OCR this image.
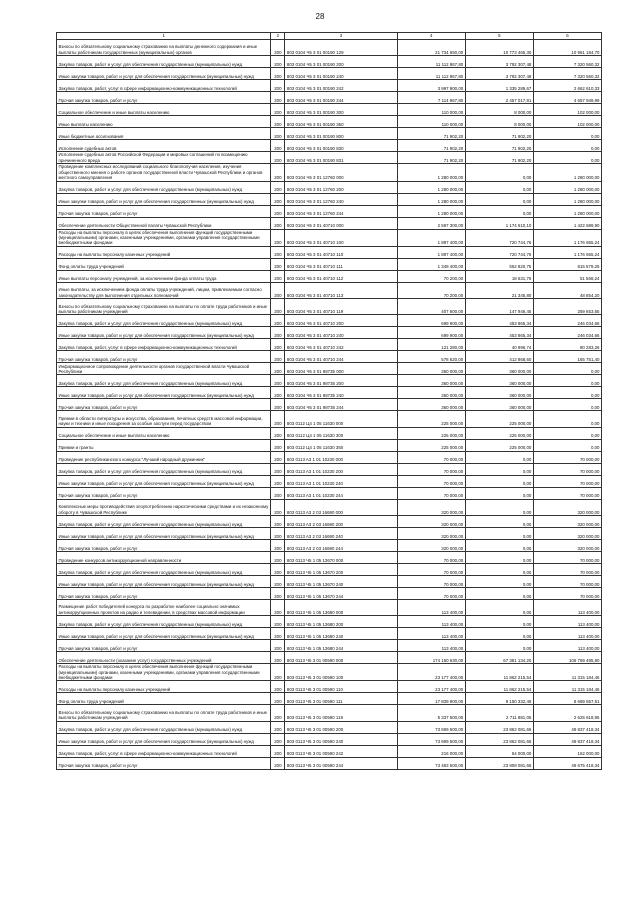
28
1	2	3	4	5	6
Взносы по обязательному социальному страхованию на выплаты денежного содержания и иные выплаты работникам государственных (муниципальных) органов	200	803 0104 Ч5 3 01 00190 129	21 734 650,00	10 773 465,30	10 961 184,70
Закупка товаров, работ и услуг для обеспечения государственных (муниципальных) нужд	200	803 0104 Ч5 3 01 00190 200	11 112 867,80	3 792 307,48	7 320 560,32
Иные закупки товаров, работ и услуг для обеспечения государственных (муниципальных) нужд	200	803 0104 Ч5 3 01 00190 240	11 112 867,80	3 792 307,48	7 320 560,32
Закупка товаров, работ, услуг в сфере информационно-коммуникационных технологий	200	803 0104 Ч5 3 01 00190 242	3 997 900,00	1 335 289,67	2 662 610,33
Прочая закупка товаров, работ и услуг	200	803 0104 Ч5 3 01 00190 244	7 114 967,80	2 457 017,81	4 657 949,99
Социальное обеспечение и иные выплаты населению	200	803 0104 Ч5 3 01 00190 300	110 000,00	8 000,00	102 000,00
Иные выплаты населению	200	803 0104 Ч5 3 01 00190 360	110 000,00	8 000,00	102 000,00
Иные бюджетные ассигнования	200	803 0104 Ч5 3 01 00190 800	71 902,20	71 902,20	0,00
Исполнение судебных актов	200	803 0104 Ч5 3 01 00190 830	71 902,20	71 902,20	0,00
Исполнение судебных актов Российской Федерации и мировых соглашений по возмещению причиненного вреда	200	803 0104 Ч5 3 01 00190 831	71 902,20	71 902,20	0,00
Проведение комплексных исследований социального благополучия населения, изучения общественного мнения о работе органов государственной власти Чувашской Республики и органов местного самоуправления	200	803 0104 Ч5 3 01 12760 000	1 280 000,00	0,00	1 280 000,00
Закупка товаров, работ и услуг для обеспечения государственных (муниципальных) нужд	200	803 0104 Ч5 3 01 12760 200	1 280 000,00	0,00	1 280 000,00
Иные закупки товаров, работ и услуг для обеспечения государственных (муниципальных) нужд	200	803 0104 Ч5 3 01 12760 240	1 280 000,00	0,00	1 280 000,00
Прочая закупка товаров, работ и услуг	200	803 0104 Ч5 3 01 12760 244	1 280 000,00	0,00	1 280 000,00
Обеспечение деятельности Общественной палаты Чувашской Республики	200	803 0104 Ч5 3 01 40710 000	2 597 300,00	1 174 610,10	1 422 689,90
Расходы на выплаты персоналу в целях обеспечения выполнения функций государственными (муниципальными) органами, казенными учреждениями, органами управления государственными внебюджетными фондами	200	803 0104 Ч5 3 01 40710 100	1 897 400,00	720 744,76	1 176 655,24
Расходы на выплаты персоналу казенных учреждений	200	803 0104 Ч5 3 01 40710 110	1 897 400,00	720 744,76	1 176 655,24
Фонд оплаты труда учреждений	200	803 0104 Ч5 3 01 40710 111	1 349 400,00	552 820,75	816 579,25
Иные выплаты персоналу учреждений, за исключением фонда оплаты труда	200	803 0104 Ч5 3 01 40710 112	70 200,00	18 631,76	51 568,24
Иные выплаты, за исключением фонда оплаты труда учреждений, лицам, привлекаемым согласно законодательству для выполнения отдельных полномочий	200	803 0104 Ч5 3 01 40710 113	70 200,00	21 345,80	48 854,20
Взносы по обязательному социальному страхованию на выплаты по оплате труда работников и иные выплаты работникам учреждений	200	803 0104 Ч5 3 01 40710 119	407 600,00	147 946,45	259 653,55
Закупка товаров, работ и услуг для обеспечения государственных (муниципальных) нужд	200	803 0104 Ч5 3 01 40710 200	699 900,00	453 865,34	246 034,66
Иные закупки товаров, работ и услуг для обеспечения государственных (муниципальных) нужд	200	803 0104 Ч5 3 01 40710 240	699 900,00	453 865,34	246 034,66
Закупка товаров, работ, услуг в сфере информационно-коммуникационных технологий	200	803 0104 Ч5 3 01 40710 242	121 280,00	40 996,74	80 283,26
Прочая закупка товаров, работ и услуг	200	803 0104 Ч5 3 01 40710 244	578 620,00	412 868,60	165 751,40
Информационное сопровождение деятельности органов государственной власти Чувашской Республики	200	803 0104 Ч5 3 01 98735 000	360 000,00	360 000,00	0,00
Закупка товаров, работ и услуг для обеспечения государственных (муниципальных) нужд	200	803 0104 Ч5 3 01 98735 200	360 000,00	360 000,00	0,00
Иные закупки товаров, работ и услуг для обеспечения государственных (муниципальных) нужд	200	803 0104 Ч5 3 01 98735 240	360 000,00	360 000,00	0,00
Прочая закупка товаров, работ и услуг	200	803 0104 Ч5 3 01 98735 244	360 000,00	360 000,00	0,00
Премии в области литературы и искусства, образования, печатных средств массовой информации, науки и техники и иные поощрения за особые заслуги перед государством	200	803 0112 Ц4 1 05 11630 000	225 000,00	225 000,00	0,00
Социальное обеспечение и иные выплаты населению	200	803 0112 Ц4 1 05 11630 300	225 000,00	225 000,00	0,00
Премии и гранты	200	803 0112 Ц4 1 05 11630 350	225 000,00	225 000,00	0,00
Проведение республиканского конкурса "Лучший народный дружинник"	200	803 0113 A3 1 01 10230 000	70 000,00	0,00	70 000,00
Закупка товаров, работ и услуг для обеспечения государственных (муниципальных) нужд	200	803 0113 A3 1 01 10230 200	70 000,00	0,00	70 000,00
Иные закупки товаров, работ и услуг для обеспечения государственных (муниципальных) нужд	200	803 0113 A3 1 01 10230 240	70 000,00	0,00	70 000,00
Прочая закупка товаров, работ и услуг	200	803 0113 A3 1 01 10230 244	70 000,00	0,00	70 000,00
Комплексные меры противодействия злоупотреблению наркотическими средствами и их незаконному обороту в Чувашской Республике	200	803 0113 A3 2 03 16690 000	320 000,00	0,00	320 000,00
Закупка товаров, работ и услуг для обеспечения государственных (муниципальных) нужд	200	803 0113 A3 2 03 16690 200	320 000,00	0,00	320 000,00
Иные закупки товаров, работ и услуг для обеспечения государственных (муниципальных) нужд	200	803 0113 A3 2 03 16690 240	320 000,00	0,00	320 000,00
Прочая закупка товаров, работ и услуг	200	803 0113 A3 2 03 16690 244	320 000,00	0,00	320 000,00
Проведение конкурсов антикоррупционной направленности	200	803 0113 Ч5 1 05 13670 000	70 000,00	0,00	70 000,00
Закупка товаров, работ и услуг для обеспечения государственных (муниципальных) нужд	200	803 0113 Ч5 1 05 13670 200	70 000,00	0,00	70 000,00
Иные закупки товаров, работ и услуг для обеспечения государственных (муниципальных) нужд	200	803 0113 Ч5 1 05 13670 240	70 000,00	0,00	70 000,00
Прочая закупка товаров, работ и услуг	200	803 0113 Ч5 1 05 13670 244	70 000,00	0,00	70 000,00
Размещение работ победителей конкурса по разработке наиболее социально значимых антикоррупционных проектов на радио и телевидении, в средствах массовой информации	200	803 0113 Ч5 1 05 13680 000	113 400,00	0,00	113 400,00
Закупка товаров, работ и услуг для обеспечения государственных (муниципальных) нужд	200	803 0113 Ч5 1 05 13680 200	113 400,00	0,00	113 400,00
Иные закупки товаров, работ и услуг для обеспечения государственных (муниципальных) нужд	200	803 0113 Ч5 1 05 13680 240	113 400,00	0,00	113 400,00
Прочая закупка товаров, работ и услуг	200	803 0113 Ч5 1 05 13680 244	113 400,00	0,00	113 400,00
Обеспечение деятельности (оказание услуг) государственных учреждений	200	803 0113 Ч5 3 01 00590 000	174 150 630,00	67 381 134,20	106 769 495,80
Расходы на выплаты персоналу в целях обеспечения выполнения функций государственными (муниципальными) органами, казенными учреждениями, органами управления государственными внебюджетными фондами	200	803 0113 Ч5 3 01 00590 100	23 177 400,00	11 862 215,54	11 315 184,46
Расходы на выплаты персоналу казенных учреждений	200	803 0113 Ч5 3 01 00590 110	23 177 400,00	11 862 215,54	11 315 184,46
Фонд оплаты труда учреждений	200	803 0113 Ч5 3 01 00590 111	17 839 900,00	9 150 332,49	8 689 567,51
Взносы по обязательному социальному страхованию на выплаты по оплате труда работников и иные выплаты работникам учреждений	200	803 0113 Ч5 3 01 00590 119	5 337 500,00	2 711 881,05	2 625 618,95
Закупка товаров, работ и услуг для обеспечения государственных (муниципальных) нужд	200	803 0113 Ч5 3 01 00590 200	73 699 500,00	23 862 081,66	49 837 418,34
Иные закупки товаров, работ и услуг для обеспечения государственных (муниципальных) нужд	200	803 0113 Ч5 3 01 00590 240	73 699 500,00	23 862 081,66	49 837 418,34
Закупка товаров, работ, услуг в сфере информационно-коммуникационных технологий	200	803 0113 Ч5 3 01 00590 242	216 000,00	54 000,00	162 000,00
Прочая закупка товаров, работ и услуг	200	803 0113 Ч5 3 01 00590 244	73 483 500,00	23 808 081,66	49 675 418,34
